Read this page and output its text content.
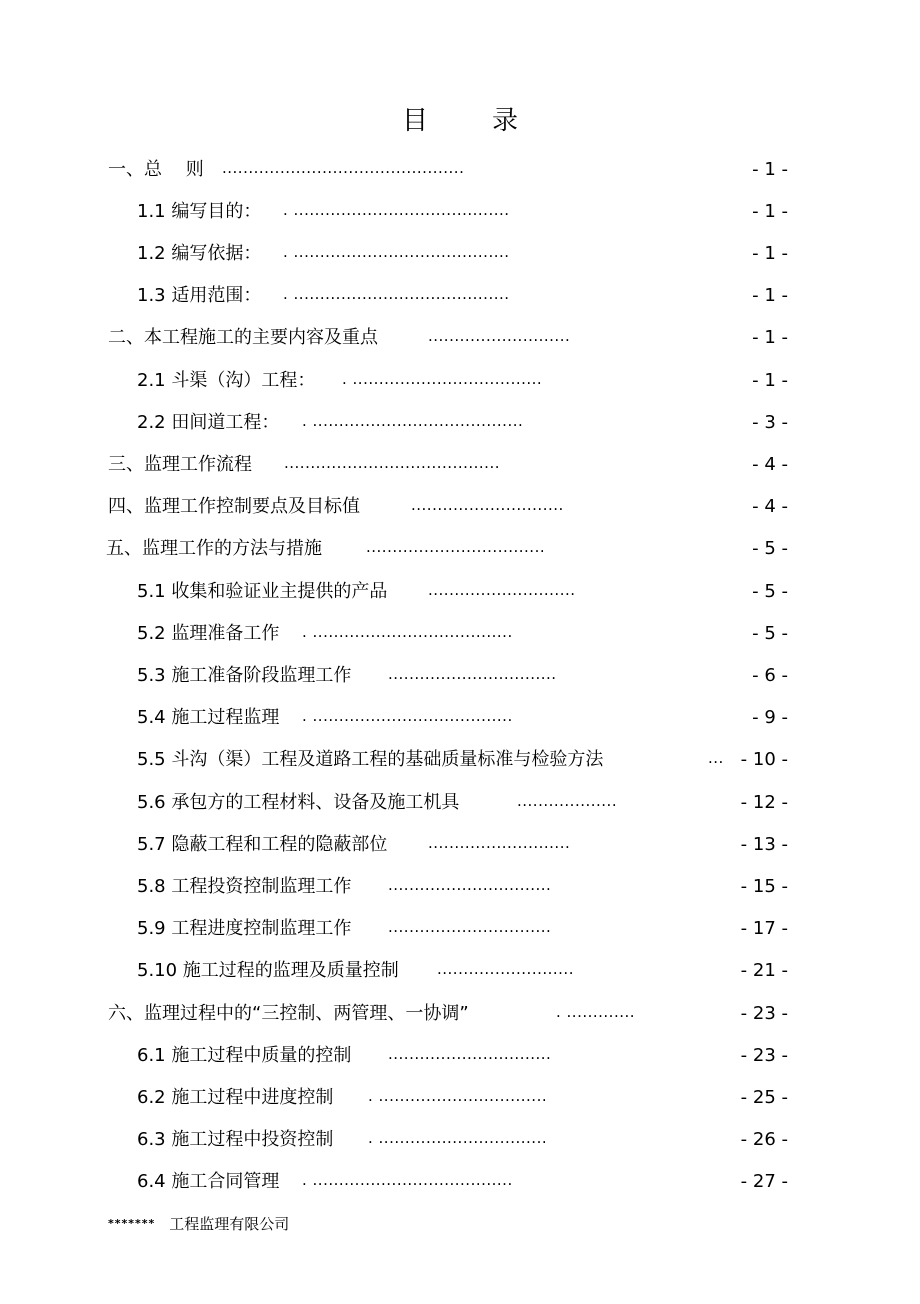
目 录
一、总　 则 ..............................................	- 1 -
1.1 编写目的： . .........................................	- 1 -
1.2 编写依据： . .........................................	- 1 -
1.3 适用范围： . .........................................	- 1 -
二、本工程施工的主要内容及重点	...........................	- 1 -
2.1 斗渠（沟）工程： . ....................................	- 1 -
2.2 田间道工程： . ........................................	- 3 -
三、监理工作流程 .........................................	- 4 -
四、监理工作控制要点及目标值	.............................	- 4 -
五、监理工作的方法与措施	..................................	- 5 -
5.1 收集和验证业主提供的产品	............................	- 5 -
5.2 监理准备工作 . ......................................	- 5 -
5.3 施工准备阶段监理工作 ................................	- 6 -
5.4 施工过程监理 . ......................................	- 9 -
5.5 斗沟（渠）工程及道路工程的基础质量标准与检验方法	... - 10 -
5.6 承包方的工程材料、设备及施工机具	...................	- 12 -
5.7 隐蔽工程和工程的隐蔽部位	...........................	- 13 -
5.8 工程投资控制监理工作 ...............................	- 15 -
5.9 工程进度控制监理工作 ...............................	- 17 -
5.10 施工过程的监理及质量控制	..........................	- 21 -
六、监理过程中的“三控制、两管理、一协调”	. .............	- 23 -
6.1 施工过程中质量的控制 ...............................	- 23 -
6.2 施工过程中进度控制 . ................................	- 25 -
6.3 施工过程中投资控制 . ................................	- 26 -
6.4 施工合同管理 . ......................................	- 27 -
******* 工程监理有限公司
